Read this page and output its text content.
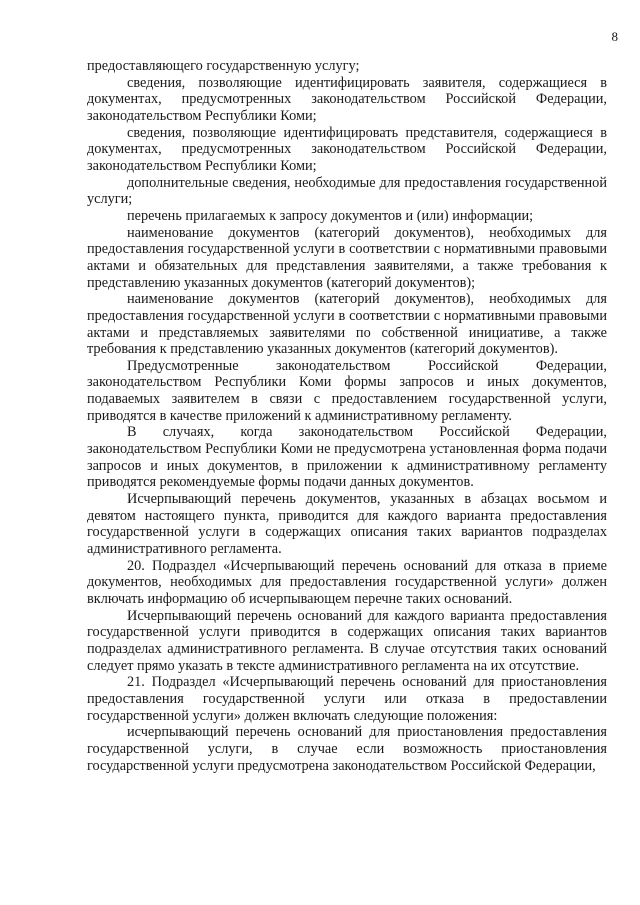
8

предоставляющего государственную услугу;

сведения, позволяющие идентифицировать заявителя, содержащиеся в документах, предусмотренных законодательством Российской Федерации, законодательством Республики Коми;

сведения, позволяющие идентифицировать представителя, содержащиеся в документах, предусмотренных законодательством Российской Федерации, законодательством Республики Коми;

дополнительные сведения, необходимые для предоставления государственной услуги;

перечень прилагаемых к запросу документов и (или) информации;

наименование документов (категорий документов), необходимых для предоставления государственной услуги в соответствии с нормативными правовыми актами и обязательных для представления заявителями, а также требования к представлению указанных документов (категорий документов);

наименование документов (категорий документов), необходимых для предоставления государственной услуги в соответствии с нормативными правовыми актами и представляемых заявителями по собственной инициативе, а также требования к представлению указанных документов (категорий документов).

Предусмотренные законодательством Российской Федерации, законодательством Республики Коми формы запросов и иных документов, подаваемых заявителем в связи с предоставлением государственной услуги, приводятся в качестве приложений к административному регламенту.

В случаях, когда законодательством Российской Федерации, законодательством Республики Коми не предусмотрена установленная форма подачи запросов и иных документов, в приложении к административному регламенту приводятся рекомендуемые формы подачи данных документов.

Исчерпывающий перечень документов, указанных в абзацах восьмом и девятом настоящего пункта, приводится для каждого варианта предоставления государственной услуги в содержащих описания таких вариантов подразделах административного регламента.

20. Подраздел «Исчерпывающий перечень оснований для отказа в приеме документов, необходимых для предоставления государственной услуги» должен включать информацию об исчерпывающем перечне таких оснований.

Исчерпывающий перечень оснований для каждого варианта предоставления государственной услуги приводится в содержащих описания таких вариантов подразделах административного регламента. В случае отсутствия таких оснований следует прямо указать в тексте административного регламента на их отсутствие.

21. Подраздел «Исчерпывающий перечень оснований для приостановления предоставления государственной услуги или отказа в предоставлении государственной услуги» должен включать следующие положения:

исчерпывающий перечень оснований для приостановления предоставления государственной услуги, в случае если возможность приостановления государственной услуги предусмотрена законодательством Российской Федерации,
